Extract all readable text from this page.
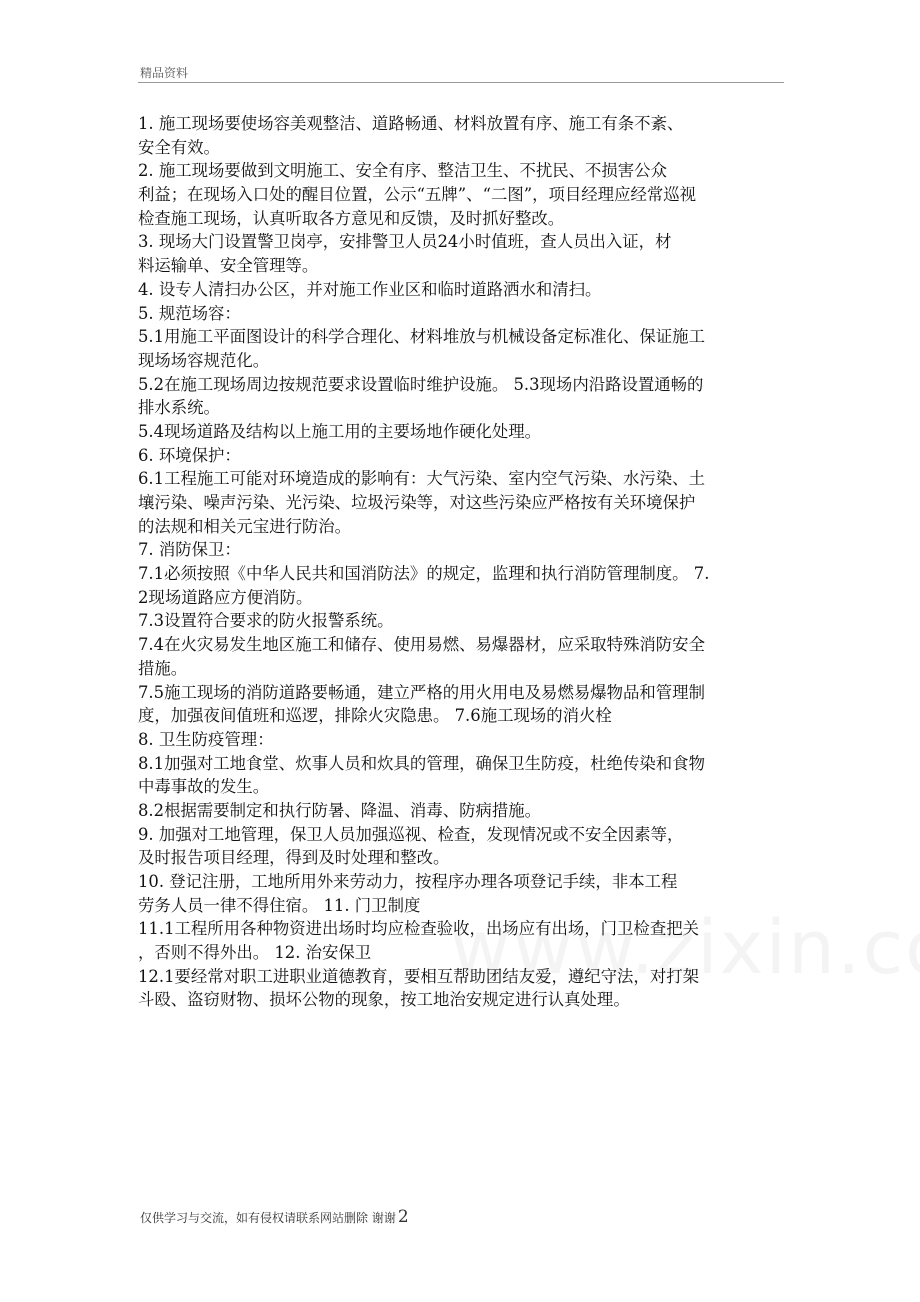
精品资料
1. 施工现场要使场容美观整洁、道路畅通、材料放置有序、施工有条不紊、
安全有效。
2. 施工现场要做到文明施工、安全有序、整洁卫生、不扰民、不损害公众
利益；在现场入口处的醒目位置，公示“五牌”、“二图”，项目经理应经常巡视
检查施工现场，认真听取各方意见和反馈，及时抓好整改。
3. 现场大门设置警卫岗亭，安排警卫人员24小时值班，查人员出入证，材
料运输单、安全管理等。
4. 设专人清扫办公区，并对施工作业区和临时道路洒水和清扫。
5. 规范场容：
5.1用施工平面图设计的科学合理化、材料堆放与机械设备定标准化、保证施工
现场场容规范化。
5.2在施工现场周边按规范要求设置临时维护设施。 5.3现场内沿路设置通畅的
排水系统。
5.4现场道路及结构以上施工用的主要场地作硬化处理。
6. 环境保护：
6.1工程施工可能对环境造成的影响有：大气污染、室内空气污染、水污染、土
壤污染、噪声污染、光污染、垃圾污染等，对这些污染应严格按有关环境保护
的法规和相关元宝进行防治。
7. 消防保卫：
7.1必须按照《中华人民共和国消防法》的规定，监理和执行消防管理制度。 7.
2现场道路应方便消防。
7.3设置符合要求的防火报警系统。
7.4在火灾易发生地区施工和储存、使用易燃、易爆器材，应采取特殊消防安全
措施。
7.5施工现场的消防道路要畅通，建立严格的用火用电及易燃易爆物品和管理制
度，加强夜间值班和巡逻，排除火灾隐患。 7.6施工现场的消火栓
8. 卫生防疫管理：
8.1加强对工地食堂、炊事人员和炊具的管理，确保卫生防疫，杜绝传染和食物
中毒事故的发生。
8.2根据需要制定和执行防暑、降温、消毒、防病措施。
9. 加强对工地管理，保卫人员加强巡视、检查，发现情况或不安全因素等，
及时报告项目经理，得到及时处理和整改。
10. 登记注册，工地所用外来劳动力，按程序办理各项登记手续，非本工程
劳务人员一律不得住宿。 11. 门卫制度
11.1工程所用各种物资进出场时均应检查验收，出场应有出场，门卫检查把关
，否则不得外出。 12. 治安保卫
12.1要经常对职工进职业道德教育，要相互帮助团结友爱，遵纪守法，对打架
斗殴、盗窃财物、损坏公物的现象，按工地治安规定进行认真处理。
仅供学习与交流，如有侵权请联系网站删除 谢谢 2
